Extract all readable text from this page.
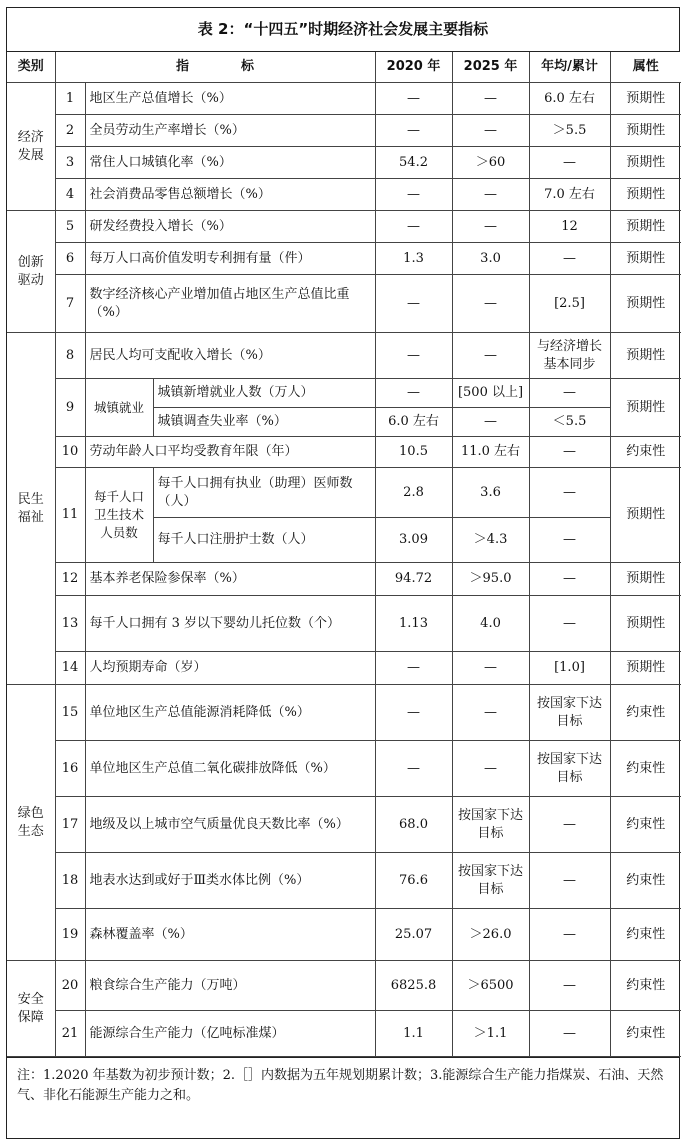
表 2：“十四五”时期经济社会发展主要指标
类别	指　　　　标			2020 年	2025 年	年均/累计	属性
经济发展	1	地区生产总值增长（%）		—	—	6.0 左右	预期性
	2	全员劳动生产率增长（%）		—	—	＞5.5	预期性
	3	常住人口城镇化率（%）		54.2	＞60	—	预期性
	4	社会消费品零售总额增长（%）		—	—	7.0 左右	预期性
创新驱动	5	研发经费投入增长（%）		—	—	12	预期性
	6	每万人口高价值发明专利拥有量（件）		1.3	3.0	—	预期性
	7	数字经济核心产业增加值占地区生产总值比重（%）		—	—	[2.5]	预期性
民生福祉	8	居民人均可支配收入增长（%）		—	—	与经济增长基本同步	预期性
	9	城镇就业	城镇新增就业人数（万人）	—	[500 以上]	—	预期性
			城镇调查失业率（%）	6.0 左右	—	＜5.5	
	10	劳动年龄人口平均受教育年限（年）		10.5	11.0 左右	—	约束性
	11	每千人口卫生技术人员数	每千人口拥有执业（助理）医师数（人）	2.8	3.6	—	预期性
			每千人口注册护士数（人）	3.09	＞4.3	—	
	12	基本养老保险参保率（%）		94.72	＞95.0	—	预期性
	13	每千人口拥有 3 岁以下婴幼儿托位数（个）		1.13	4.0	—	预期性
	14	人均预期寿命（岁）		—	—	[1.0]	预期性
绿色生态	15	单位地区生产总值能源消耗降低（%）		—	—	按国家下达目标	约束性
	16	单位地区生产总值二氧化碳排放降低（%）		—	—	按国家下达目标	约束性
	17	地级及以上城市空气质量优良天数比率（%）		68.0	按国家下达目标	—	约束性
	18	地表水达到或好于Ⅲ类水体比例（%）		76.6	按国家下达目标	—	约束性
	19	森林覆盖率（%）		25.07	＞26.0	—	约束性
安全保障	20	粮食综合生产能力（万吨）		6825.8	＞6500	—	约束性
	21	能源综合生产能力（亿吨标准煤）		1.1	＞1.1	—	约束性
注：1.2020 年基数为初步预计数；2.［］内数据为五年规划期累计数；3.能源综合生产能力指煤炭、石油、天然气、非化石能源生产能力之和。
